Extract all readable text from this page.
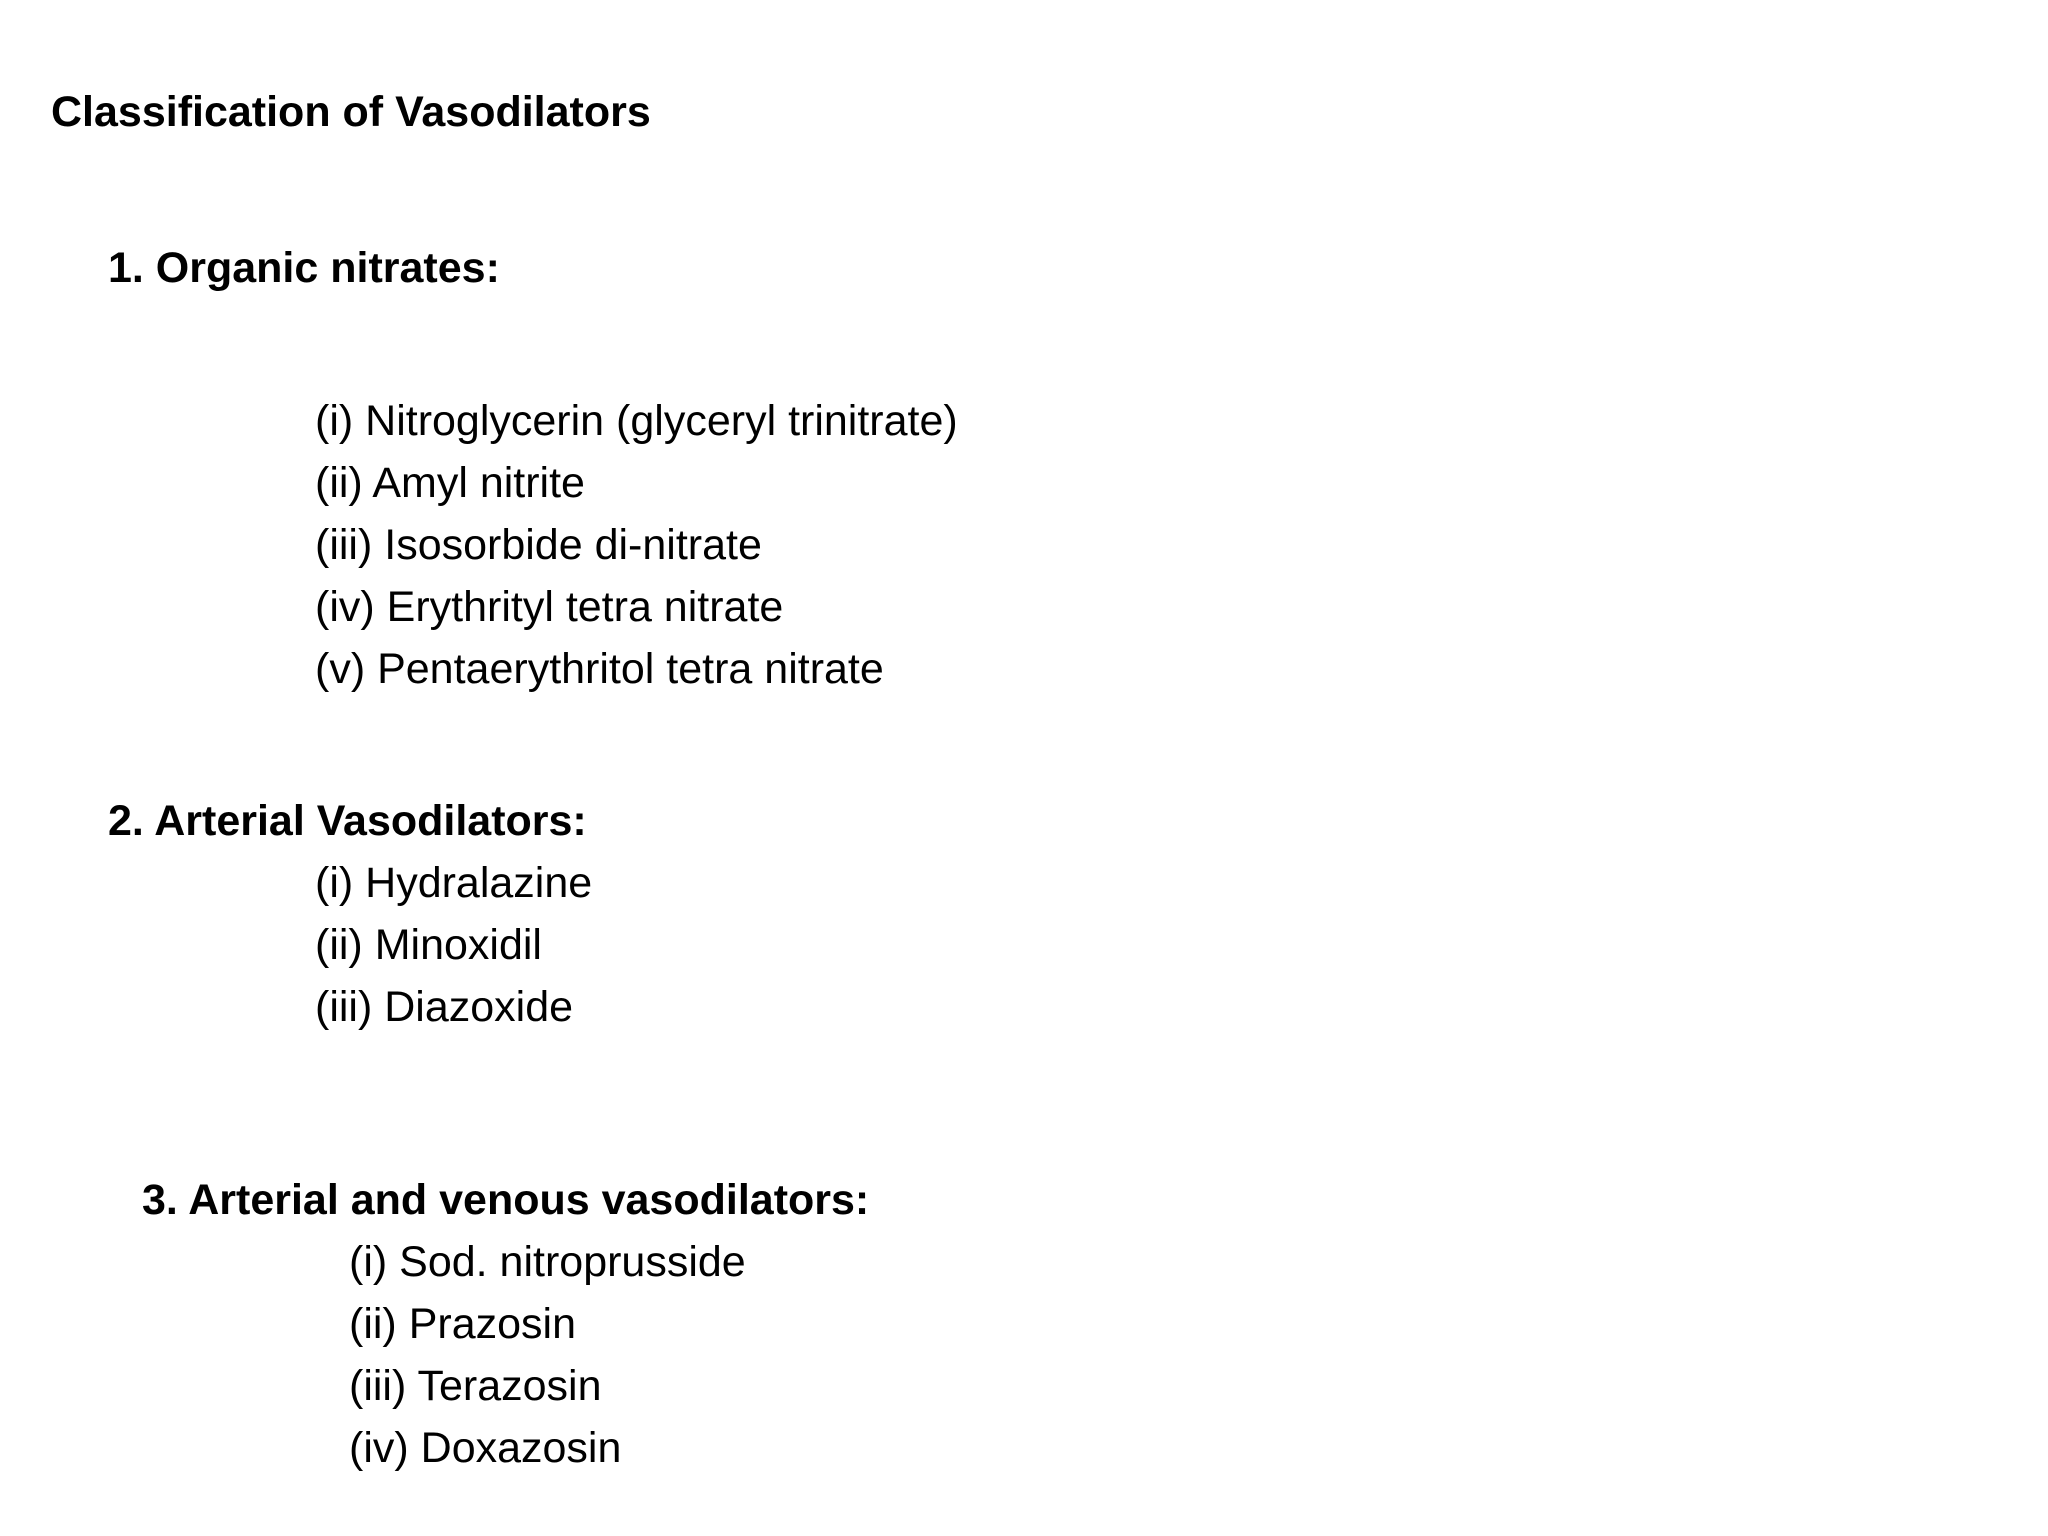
Classification of Vasodilators

1. Organic nitrates:

(i) Nitroglycerin (glyceryl trinitrate)
(ii) Amyl nitrite
(iii) Isosorbide di-nitrate
(iv) Erythrityl tetra nitrate
(v) Pentaerythritol tetra nitrate

2. Arterial Vasodilators:

(i) Hydralazine
(ii) Minoxidil
(iii) Diazoxide

3. Arterial and venous vasodilators:

(i) Sod. nitroprusside
(ii) Prazosin
(iii) Terazosin
(iv) Doxazosin
